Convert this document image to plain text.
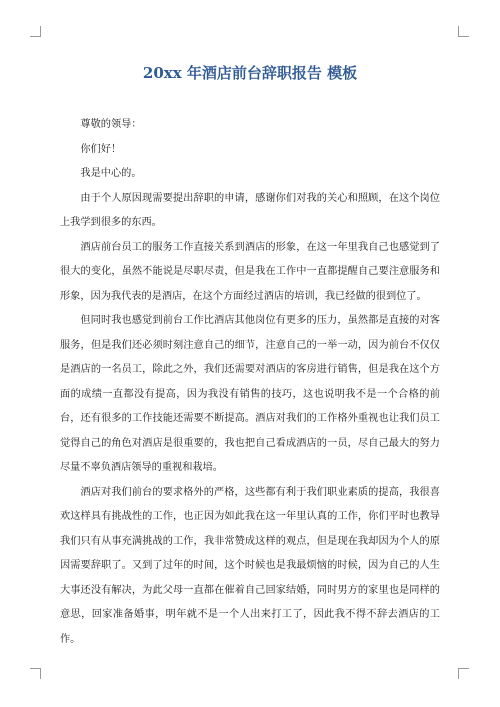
20xx 年酒店前台辞职报告 模板

尊敬的领导：

你们好！

我是中心的。

由于个人原因现需要提出辞职的申请，感谢你们对我的关心和照顾，在这个岗位上我学到很多的东西。

酒店前台员工的服务工作直接关系到酒店的形象，在这一年里我自己也感觉到了很大的变化，虽然不能说是尽职尽责，但是我在工作中一直都提醒自己要注意服务和形象，因为我代表的是酒店，在这个方面经过酒店的培训，我已经做的很到位了。

但同时我也感觉到前台工作比酒店其他岗位有更多的压力，虽然都是直接的对客服务，但是我们还必须时刻注意自己的细节，注意自己的一举一动，因为前台不仅仅是酒店的一名员工，除此之外，我们还需要对酒店的客房进行销售，但是我在这个方面的成绩一直都没有提高，因为我没有销售的技巧，这也说明我不是一个合格的前台，还有很多的工作技能还需要不断提高。酒店对我们的工作格外重视也让我们员工觉得自己的角色对酒店是很重要的，我也把自己看成酒店的一员，尽自己最大的努力尽量不辜负酒店领导的重视和栽培。

酒店对我们前台的要求格外的严格，这些都有利于我们职业素质的提高，我很喜欢这样具有挑战性的工作，也正因为如此我在这一年里认真的工作，你们平时也教导我们只有从事充满挑战的工作，我非常赞成这样的观点，但是现在我却因为个人的原因需要辞职了。又到了过年的时间，这个时候也是我最烦恼的时候，因为自己的人生大事还没有解决，为此父母一直都在催着自己回家结婚，同时男方的家里也是同样的意思，回家准备婚事，明年就不是一个人出来打工了，因此我不得不辞去酒店的工作。
